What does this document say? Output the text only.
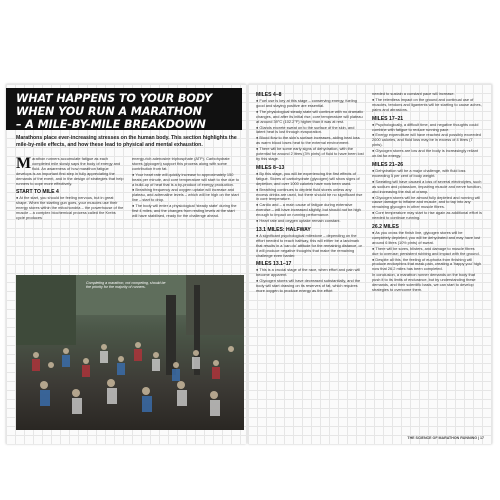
WHAT HAPPENS TO YOUR BODY
WHEN YOU RUN A MARATHON
– A MILE-BY-MILE BREAKDOWN

Marathons place ever-increasing stresses on the human body. This section highlights the mile-by-mile effects, and how these lead to physical and mental exhaustion.

Marathon runners accumulate fatigue as each completed mile slowly saps the body of energy and fluid. An awareness of how marathon fatigue develops is an important first step in fully appreciating the demands of the event, and in the design of strategies that help runners to cope more effectively.

START TO MILE 4

● At the start, you should be feeling nervous, but in great shape. When the starting gun goes, your muscles use their energy stores within the mitochondria – the powerhouse of the muscle – a complex biochemical process called the Krebs cycle produces

energy-rich adenosine triphosphate (ATP). Carbohydrate stores (glycogen) support this process along with some contribution from fat.

● Your heart rate will quickly increase to approximately 150 beats per minute, and core temperature will start to rise due to a build-up of heat that is a by-product of energy production.

● Breathing frequency and oxygen uptake will increase and plateau, and adrenaline levels – which will be high on the start line – start to drop.

● The body will enter a physiological 'steady state' during the first 4 miles, and the changes from resting levels at the start will have stabilised, ready for the challenge ahead.

Completing a marathon, not competing, should be the priority for the majority of runners.

MILES 4–8

● Fuel use is key at this stage – conserving energy, fueling good and staying positive are essential.

● The physiological steady state will continue with no dramatic changes, and after its initial rise, core temperature will plateau at around 39°C (102.2°F) higher than it was at rest.

● Glands excrete sweat on to the surface of the skin, and latent heat is lost through evaporation.

● Blood flow to the skin's surface increases, aiding heat loss as warm blood loses heat to the external environment.

● There will be some early signs of dehydration, with the potential for around 2 litres (3½ pints) of fluid to have been lost by this stage.

MILES 8–13

● By this stage, you will be experiencing the first effects of fatigue. Stores of carbohydrate (glycogen) will show signs of depletion, and over 1000 calories have now been used.

● Breathing continues to deplete fluid stores unless any excess drinks are used, but there should be no significant rise in core temperature.

● Cardio and – a main cause of fatigue during extensive exercise – will have increased slightly, but should not be high enough to impact on running performance.

● Heart rate and oxygen uptake remain constant.

13.1 MILES: HALFWAY

● A significant psychological milestone – depending on the effort needed to reach halfway, this will either be a landmark that results in a 'can do' attitude for the remaining distance, or it will produce negative thoughts that make the remaining challenge even harder.

MILES 13.1–17

● This is a crucial stage of the race, when effort and pain will become apparent.

● Glycogen stores will have decreased substantially, and the body will start drawing on its reserves of fat, which requires more oxygen to produce energy as the effort

needed to sustain a constant pace will increase.

● The relentless impact on the ground and continual use of muscles, tendons and ligaments will be starting to cause aches, pains and abrasions.

MILES 17–21

● Psychologically, a difficult time, and negative thoughts could combine with fatigue to reduce running pace.

● Energy expenditure will have reached and possibly exceeded 2000 calories, and fluid loss may be in excess of 4 litres (7 pints).

● Glycogen stores are low and the body is increasingly reliant on fat for energy.

MILES 21–26

● Dehydration will be a major challenge, with fluid loss exceeding 5 per cent of body weight.

● Sweating will have caused a loss of several electrolytes, such as sodium and potassium, impairing muscle and nerve function, and increasing the risk of cramp.

● Glycogen stores will be almost fully depleted and running will cause damage to inflame and muscle, and to tap into any remaining glycogen in other muscle fibres.

● Core temperature may start to rise again as additional effort is needed to continue running.

26.2 MILES

● As you cross the finish line, glycogen stores will be completely depleted, you will be dehydrated and may have lost around 6 litres (10½ pints) of sweat.

● There will be sores, blisters, and damage to muscle fibres due to overuse; persistent rubbing and impact with the ground.

● Despite all this, the feeling of euphoria from finishing will produce endorphins that mask pain, creating a 'happy you' high now that 26.2 miles has been completed.

In conclusion, a marathon runner demands on the body that push it to its limits of endurance, but by understanding these demands, and their scientific basis, we can start to develop strategies to overcome them.

THE SCIENCE OF MARATHON RUNNING | 17
